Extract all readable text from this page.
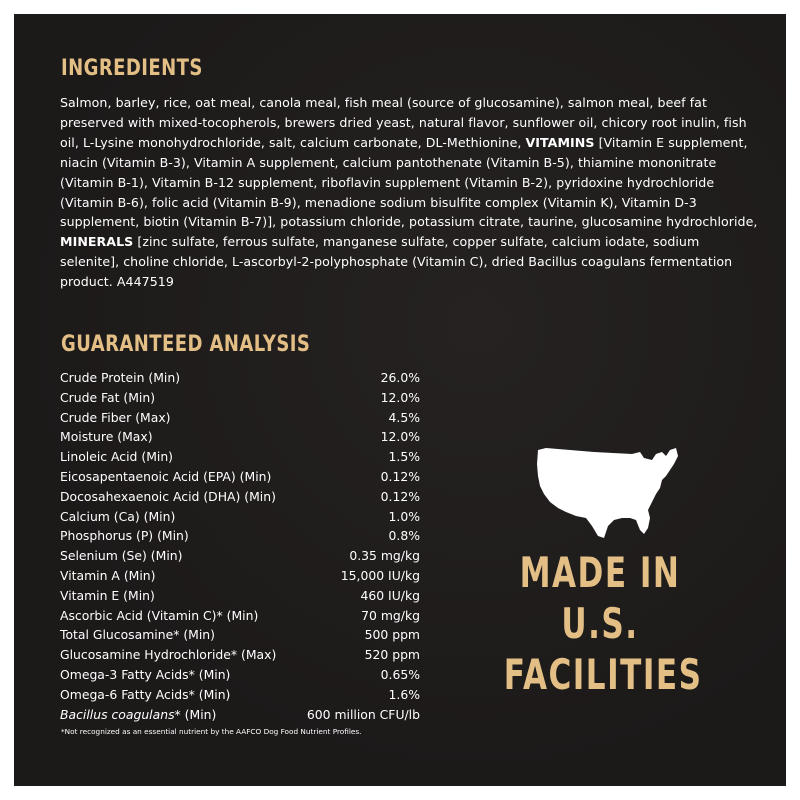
INGREDIENTS

Salmon, barley, rice, oat meal, canola meal, fish meal (source of glucosamine), salmon meal, beef fat preserved with mixed-tocopherols, brewers dried yeast, natural flavor, sunflower oil, chicory root inulin, fish oil, L-Lysine monohydrochloride, salt, calcium carbonate, DL-Methionine, VITAMINS [Vitamin E supplement, niacin (Vitamin B-3), Vitamin A supplement, calcium pantothenate (Vitamin B-5), thiamine mononitrate (Vitamin B-1), Vitamin B-12 supplement, riboflavin supplement (Vitamin B-2), pyridoxine hydrochloride (Vitamin B-6), folic acid (Vitamin B-9), menadione sodium bisulfite complex (Vitamin K), Vitamin D-3 supplement, biotin (Vitamin B-7)], potassium chloride, potassium citrate, taurine, glucosamine hydrochloride, MINERALS [zinc sulfate, ferrous sulfate, manganese sulfate, copper sulfate, calcium iodate, sodium selenite], choline chloride, L-ascorbyl-2-polyphosphate (Vitamin C), dried Bacillus coagulans fermentation product. A447519

GUARANTEED ANALYSIS
Crude Protein (Min)	26.0%
Crude Fat (Min)	12.0%
Crude Fiber (Max)	4.5%
Moisture (Max)	12.0%
Linoleic Acid (Min)	1.5%
Eicosapentaenoic Acid (EPA) (Min)	0.12%
Docosahexaenoic Acid (DHA) (Min)	0.12%
Calcium (Ca) (Min)	1.0%
Phosphorus (P) (Min)	0.8%
Selenium (Se) (Min)	0.35 mg/kg
Vitamin A (Min)	15,000 IU/kg
Vitamin E (Min)	460 IU/kg
Ascorbic Acid (Vitamin C)* (Min)	70 mg/kg
Total Glucosamine* (Min)	500 ppm
Glucosamine Hydrochloride* (Max)	520 ppm
Omega-3 Fatty Acids* (Min)	0.65%
Omega-6 Fatty Acids* (Min)	1.6%
Bacillus coagulans* (Min)	600 million CFU/lb
*Not recognized as an essential nutrient by the AAFCO Dog Food Nutrient Profiles.
MADE IN
U.S.
FACILITIES
